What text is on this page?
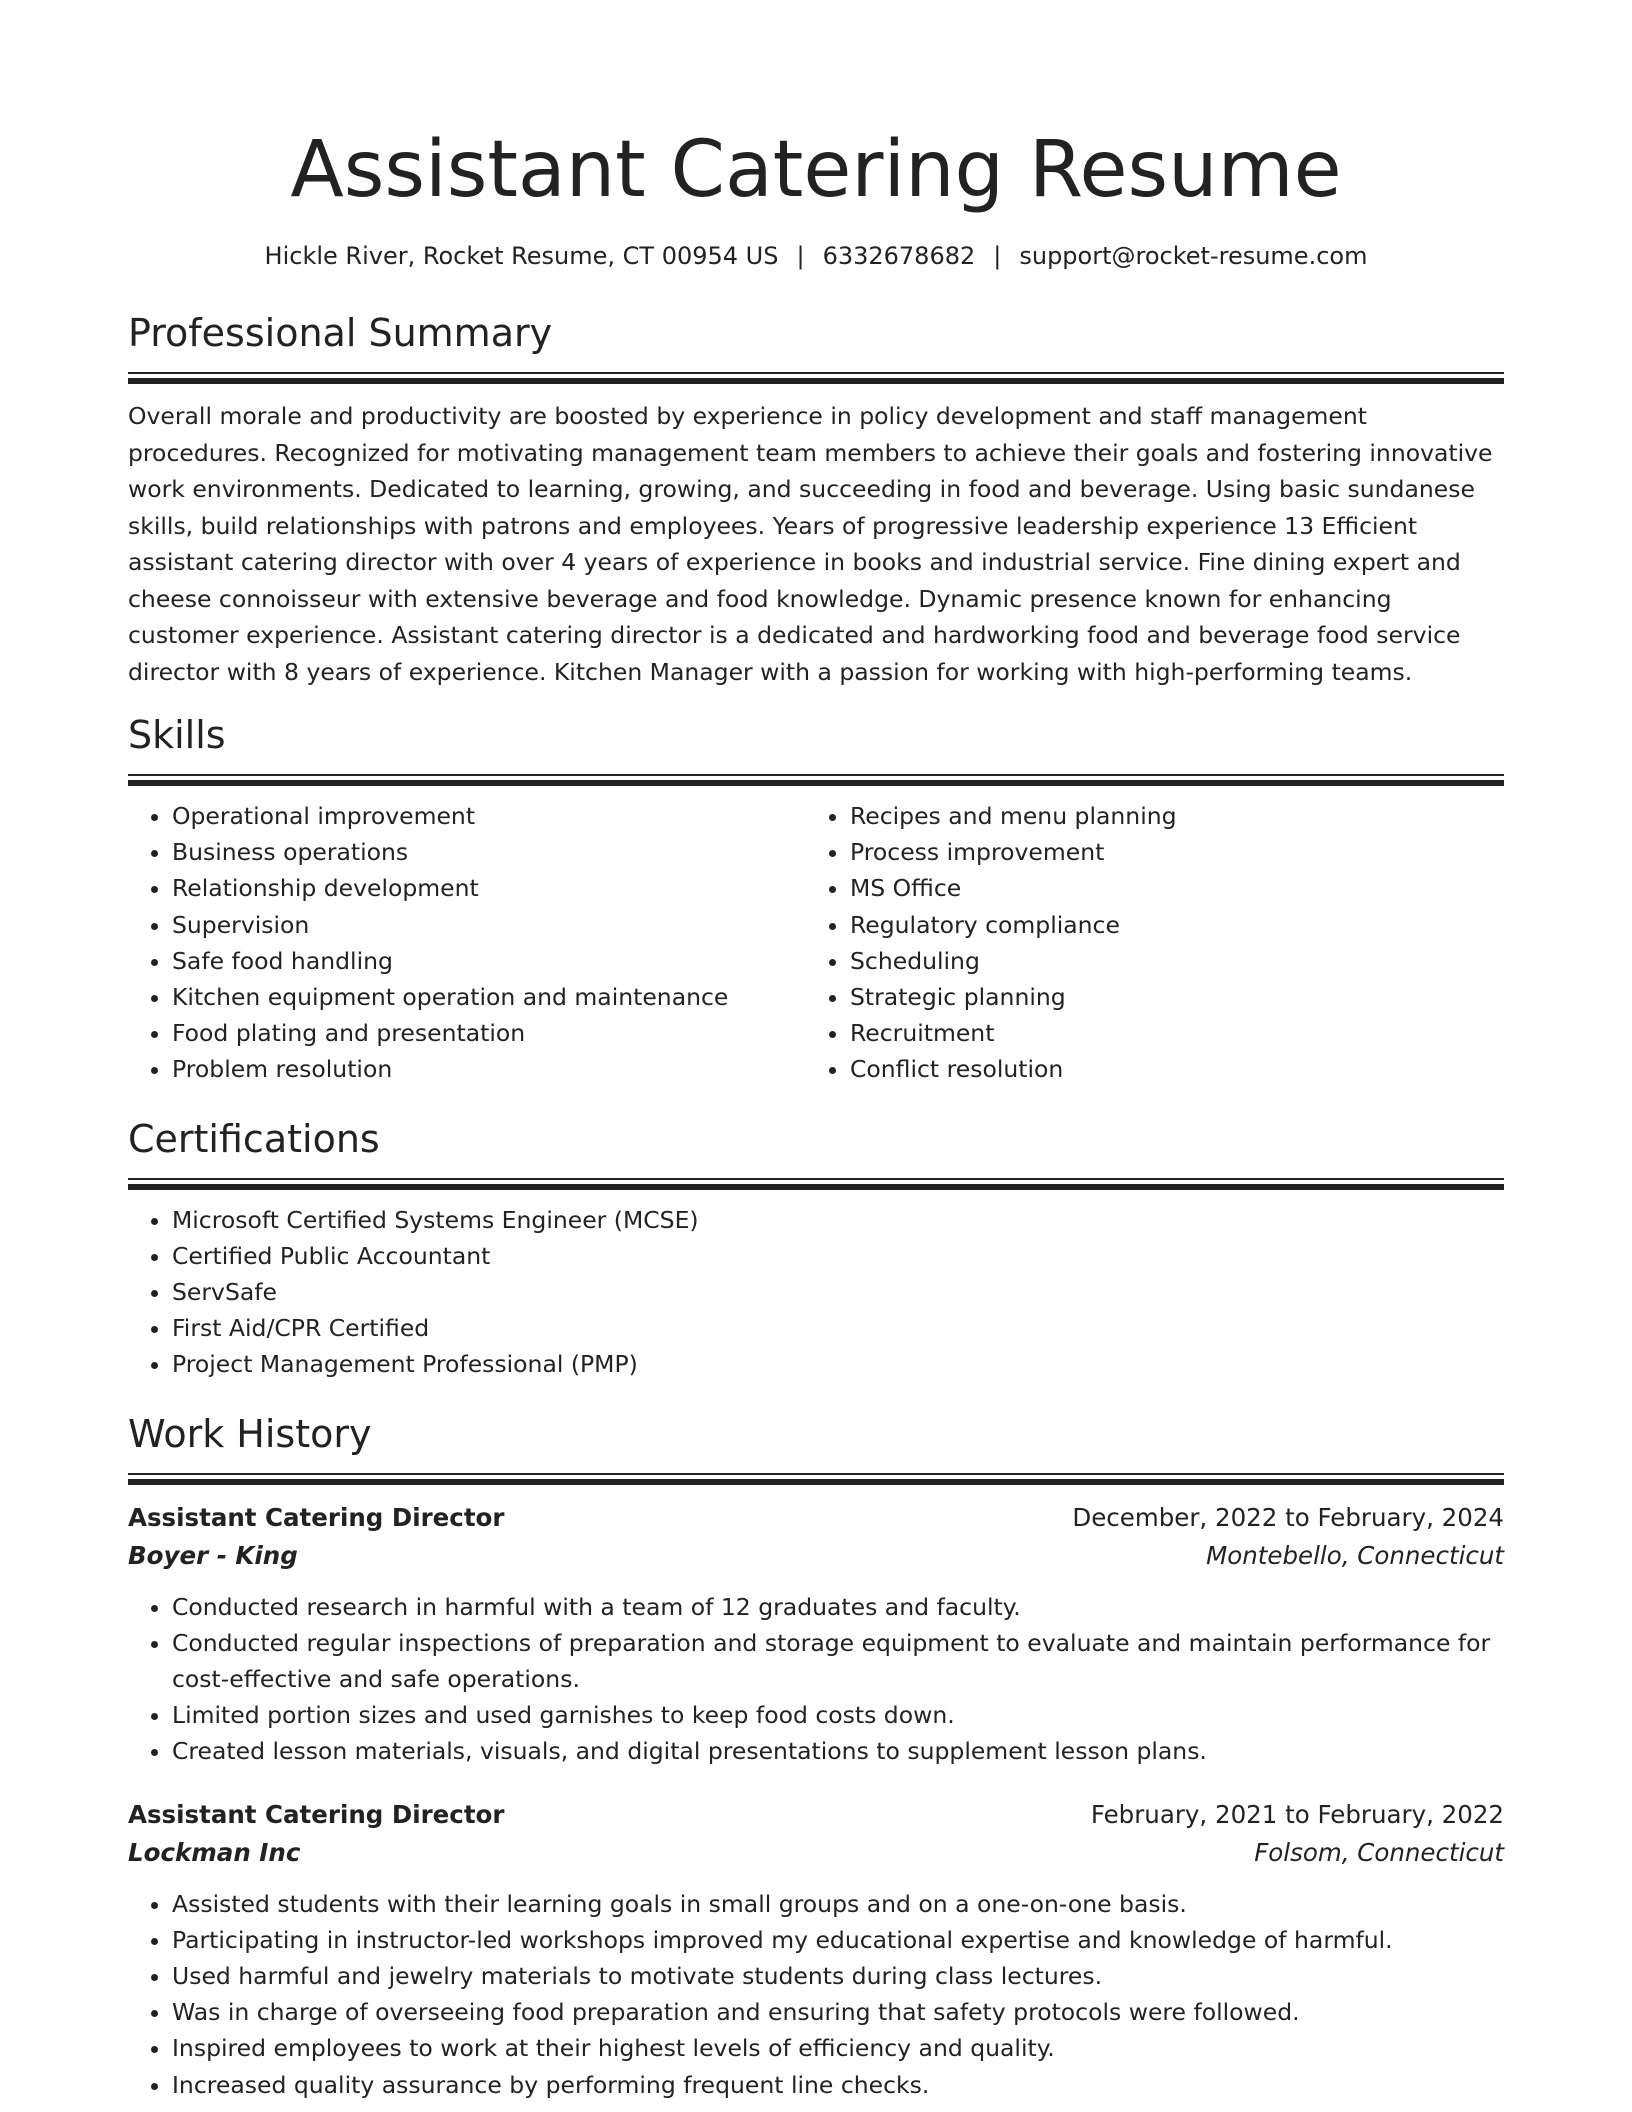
Assistant Catering Resume
Hickle River, Rocket Resume, CT 00954 US | 6332678682 | support@rocket-resume.com
Professional Summary

Overall morale and productivity are boosted by experience in policy development and staff management procedures. Recognized for motivating management team members to achieve their goals and fostering innovative work environments. Dedicated to learning, growing, and succeeding in food and beverage. Using basic sundanese skills, build relationships with patrons and employees. Years of progressive leadership experience 13 Efficient assistant catering director with over 4 years of experience in books and industrial service. Fine dining expert and cheese connoisseur with extensive beverage and food knowledge. Dynamic presence known for enhancing customer experience. Assistant catering director is a dedicated and hardworking food and beverage food service director with 8 years of experience. Kitchen Manager with a passion for working with high-performing teams.

Skills
• Operational improvement
• Business operations
• Relationship development
• Supervision
• Safe food handling
• Kitchen equipment operation and maintenance
• Food plating and presentation
• Problem resolution
• Recipes and menu planning
• Process improvement
• MS Office
• Regulatory compliance
• Scheduling
• Strategic planning
• Recruitment
• Conflict resolution
Certifications
• Microsoft Certified Systems Engineer (MCSE)
• Certified Public Accountant
• ServSafe
• First Aid/CPR Certified
• Project Management Professional (PMP)
Work History
Assistant Catering Director	December, 2022 to February, 2024
Boyer - King	Montebello, Connecticut
• Conducted research in harmful with a team of 12 graduates and faculty.
• Conducted regular inspections of preparation and storage equipment to evaluate and maintain performance for cost-effective and safe operations.
• Limited portion sizes and used garnishes to keep food costs down.
• Created lesson materials, visuals, and digital presentations to supplement lesson plans.
Assistant Catering Director	February, 2021 to February, 2022
Lockman Inc	Folsom, Connecticut
• Assisted students with their learning goals in small groups and on a one-on-one basis.
• Participating in instructor-led workshops improved my educational expertise and knowledge of harmful.
• Used harmful and jewelry materials to motivate students during class lectures.
• Was in charge of overseeing food preparation and ensuring that safety protocols were followed.
• Inspired employees to work at their highest levels of efficiency and quality.
• Increased quality assurance by performing frequent line checks.
